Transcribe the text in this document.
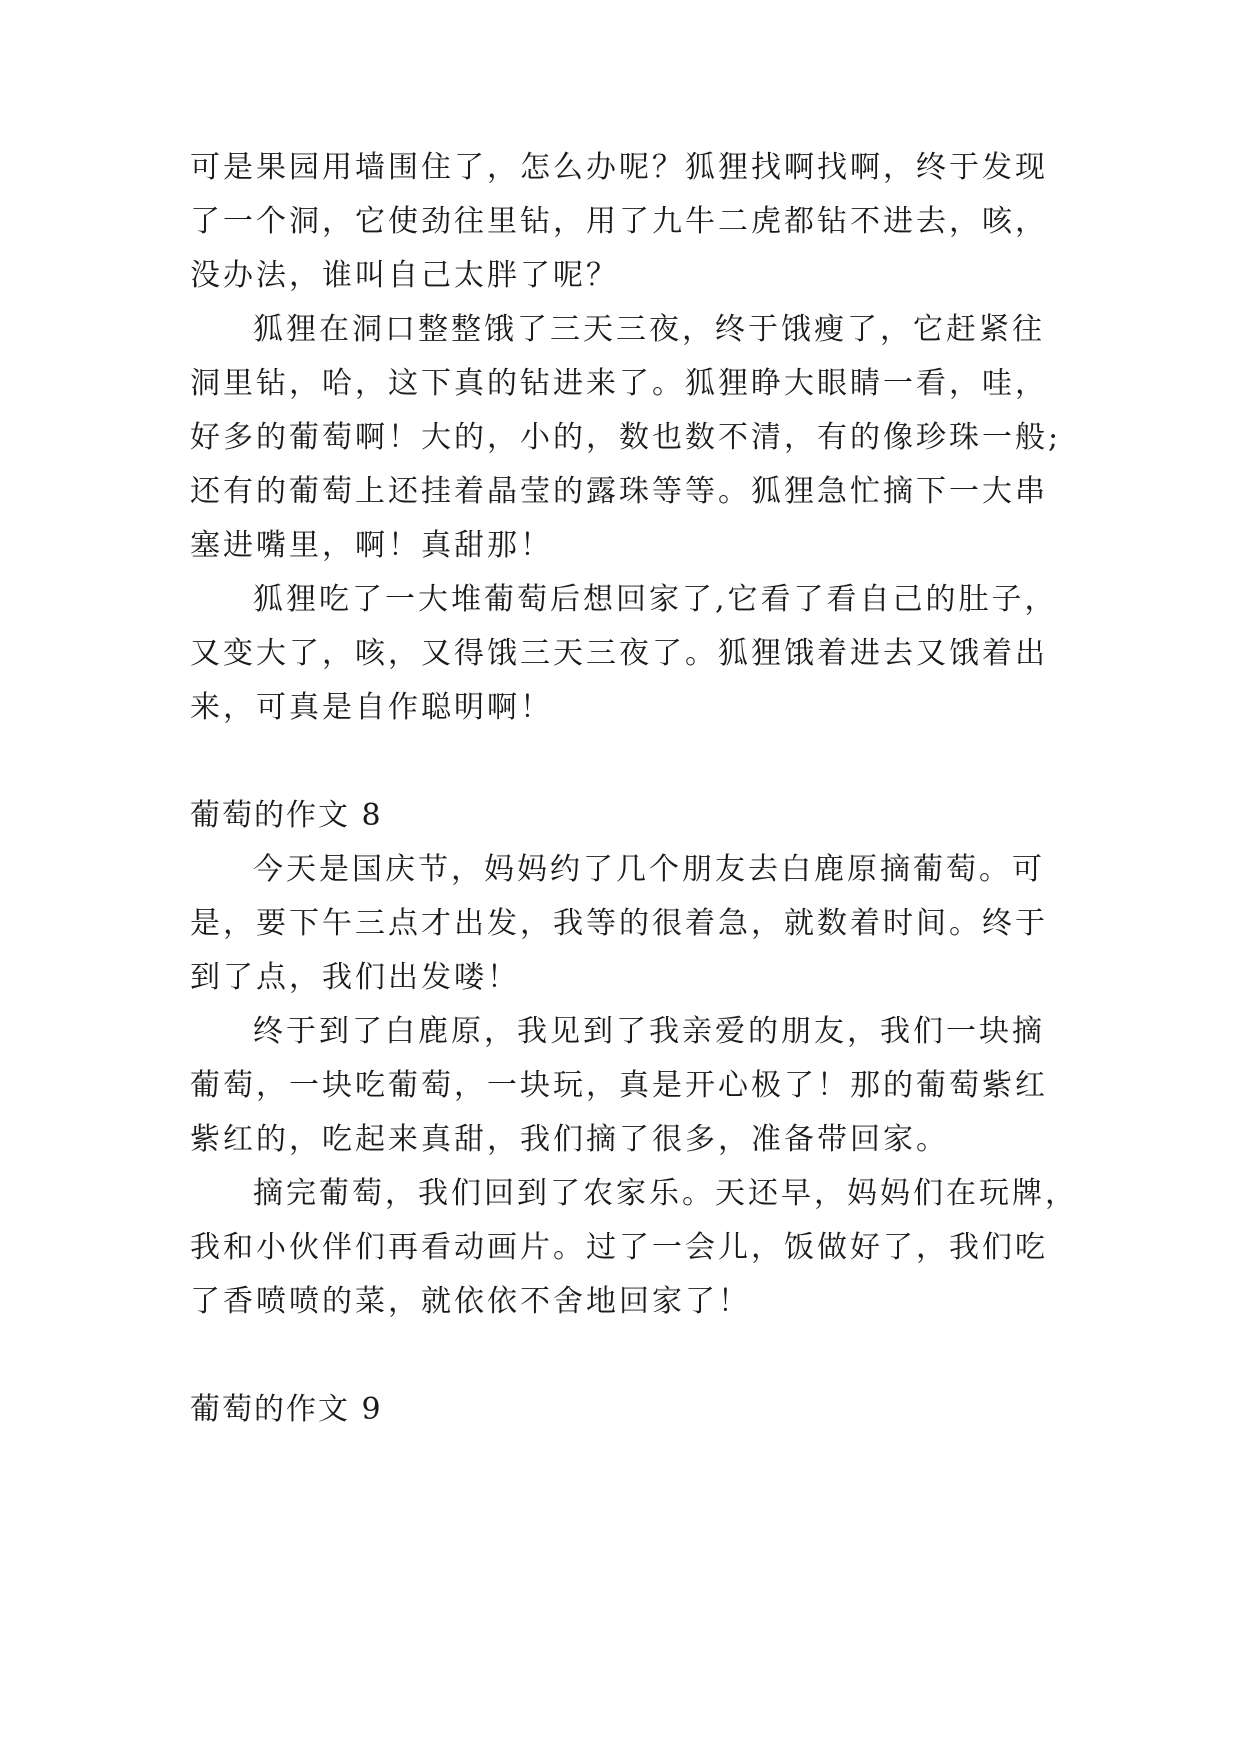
可是果园用墙围住了，怎么办呢？狐狸找啊找啊，终于发现
了一个洞，它使劲往里钻，用了九牛二虎都钻不进去，咳，
没办法，谁叫自己太胖了呢？
狐狸在洞口整整饿了三天三夜，终于饿瘦了，它赶紧往
洞里钻，哈，这下真的钻进来了。狐狸睁大眼睛一看，哇，
好多的葡萄啊！大的，小的，数也数不清，有的像珍珠一般;
还有的葡萄上还挂着晶莹的露珠等等。狐狸急忙摘下一大串
塞进嘴里，啊！真甜那！
狐狸吃了一大堆葡萄后想回家了,它看了看自己的肚子，
又变大了，咳，又得饿三天三夜了。狐狸饿着进去又饿着出
来，可真是自作聪明啊！
葡萄的作文 8
今天是国庆节，妈妈约了几个朋友去白鹿原摘葡萄。可
是，要下午三点才出发，我等的很着急，就数着时间。终于
到了点，我们出发喽！
终于到了白鹿原，我见到了我亲爱的朋友，我们一块摘
葡萄，一块吃葡萄，一块玩，真是开心极了！那的葡萄紫红
紫红的，吃起来真甜，我们摘了很多，准备带回家。
摘完葡萄，我们回到了农家乐。天还早，妈妈们在玩牌，
我和小伙伴们再看动画片。过了一会儿，饭做好了，我们吃
了香喷喷的菜，就依依不舍地回家了！
葡萄的作文 9
